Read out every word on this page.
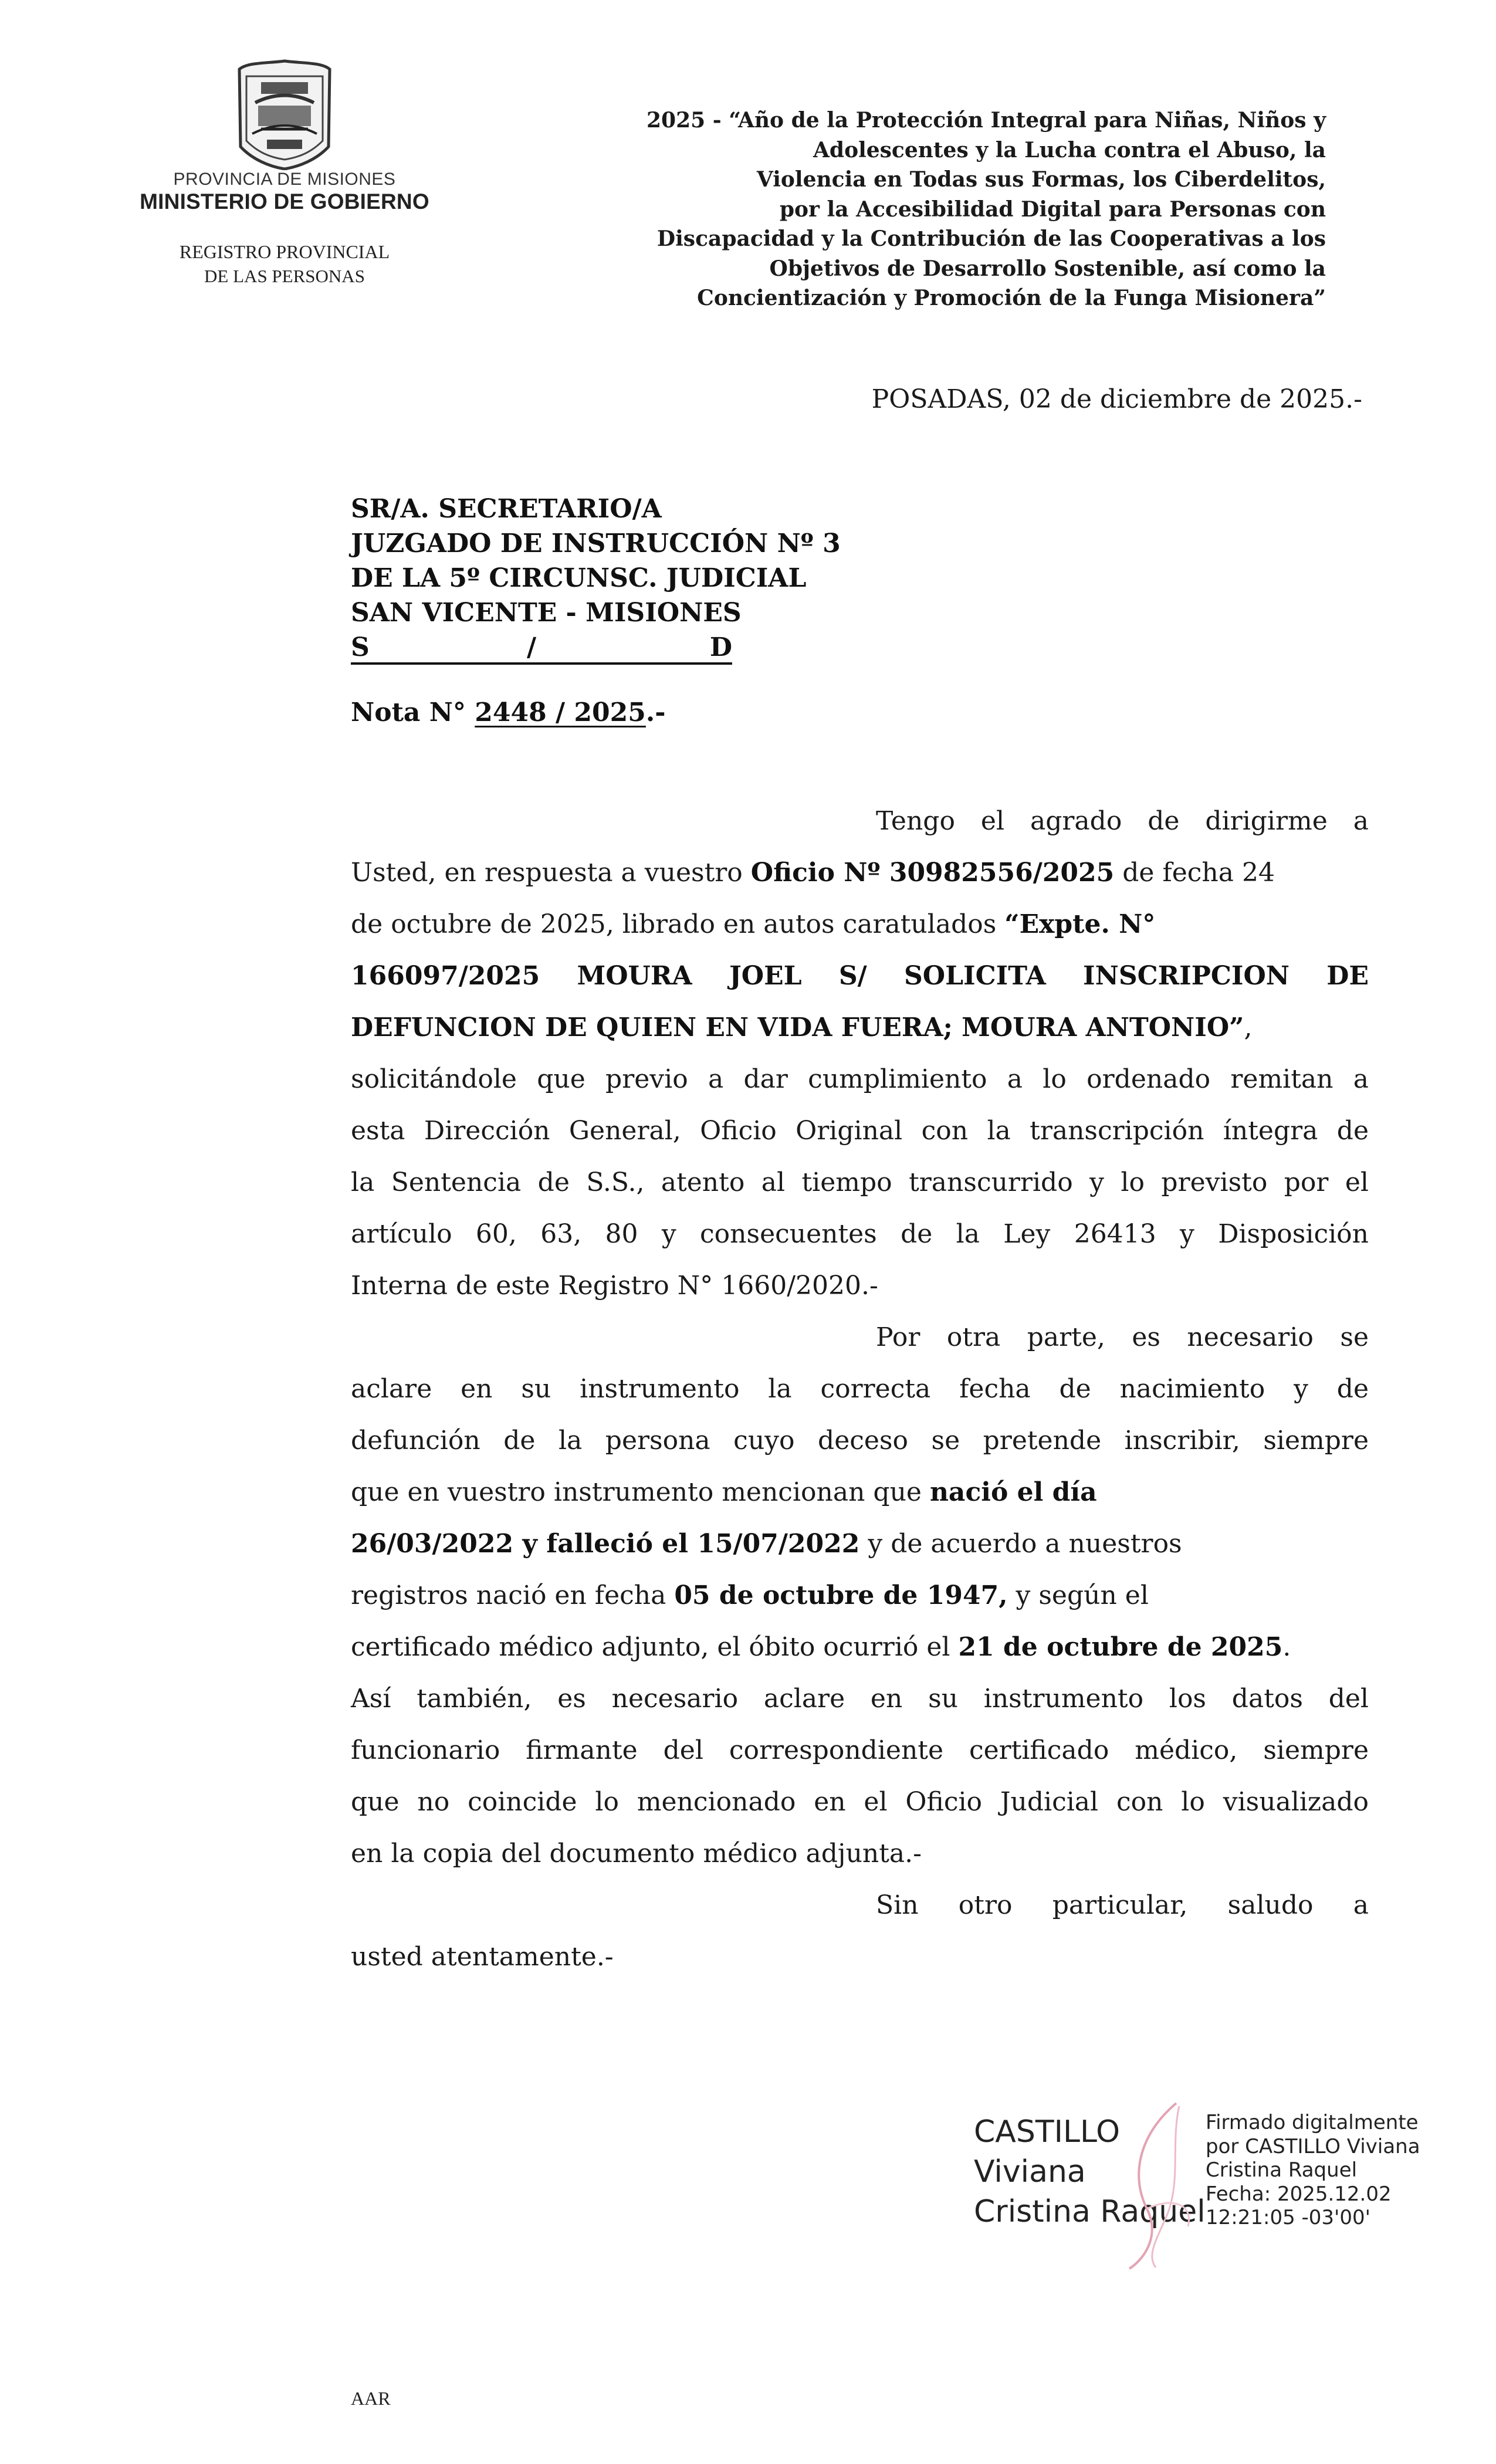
PROVINCIA DE MISIONES
MINISTERIO DE GOBIERNO
REGISTRO PROVINCIAL
DE LAS PERSONAS
2025 - “Año de la Protección Integral para Niñas, Niños y
Adolescentes y la Lucha contra el Abuso, la
Violencia en Todas sus Formas, los Ciberdelitos,
por la Accesibilidad Digital para Personas con
Discapacidad y la Contribución de las Cooperativas a los
Objetivos de Desarrollo Sostenible, así como la
Concientización y Promoción de la Funga Misionera”
POSADAS, 02 de diciembre de 2025.-
SR/A. SECRETARIO/A
JUZGADO DE INSTRUCCIÓN Nº 3
DE LA 5º CIRCUNSC. JUDICIAL
SAN VICENTE - MISIONES
S	/	D
Nota N° 2448 / 2025.-
Tengo el agrado de dirigirme a
Usted, en respuesta a vuestro Oficio Nº 30982556/2025 de fecha 24
de octubre de 2025, librado en autos caratulados “Expte. N°
166097/2025 MOURA JOEL S/ SOLICITA INSCRIPCION DE
DEFUNCION DE QUIEN EN VIDA FUERA; MOURA ANTONIO”,
solicitándole que previo a dar cumplimiento a lo ordenado remitan a
esta Dirección General, Oficio Original con la transcripción íntegra de
la Sentencia de S.S., atento al tiempo transcurrido y lo previsto por el
artículo 60, 63, 80 y consecuentes de la Ley 26413 y Disposición
Interna de este Registro N° 1660/2020.-
Por otra parte, es necesario se
aclare en su instrumento la correcta fecha de nacimiento y de
defunción de la persona cuyo deceso se pretende inscribir, siempre
que en vuestro instrumento mencionan que nació el día
26/03/2022 y falleció el 15/07/2022 y de acuerdo a nuestros
registros nació en fecha 05 de octubre de 1947, y según el
certificado médico adjunto, el óbito ocurrió el 21 de octubre de 2025.
Así también, es necesario aclare en su instrumento los datos del
funcionario firmante del correspondiente certificado médico, siempre
que no coincide lo mencionado en el Oficio Judicial con lo visualizado
en la copia del documento médico adjunta.-
Sin otro particular, saludo a
usted atentamente.-
CASTILLO
Viviana
Cristina Raquel
Firmado digitalmente
por CASTILLO Viviana
Cristina Raquel
Fecha: 2025.12.02
12:21:05 -03'00'
AAR
